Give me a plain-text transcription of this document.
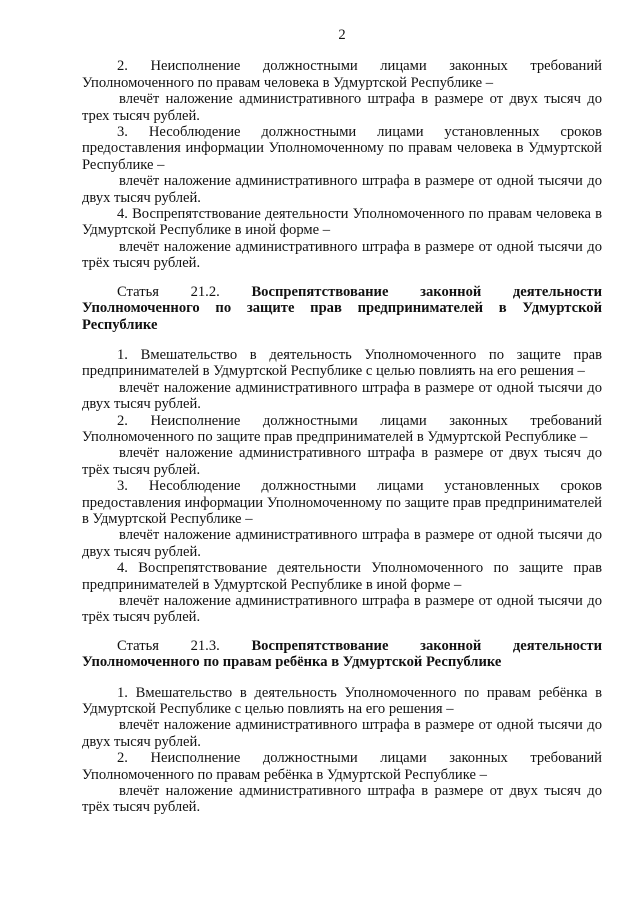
2

2. Неисполнение должностными лицами законных требований Уполномоченного по правам человека в Удмуртской Республике –

влечёт наложение административного штрафа в размере от двух тысяч до трех тысяч рублей.

3. Несоблюдение должностными лицами установленных сроков предоставления информации Уполномоченному по правам человека в Удмуртской Республике –

влечёт наложение административного штрафа в размере от одной тысячи до двух тысяч рублей.

4. Воспрепятствование деятельности Уполномоченного по правам человека в Удмуртской Республике в иной форме –

влечёт наложение административного штрафа в размере от одной тысячи до трёх тысяч рублей.

Статья 21.2. Воспрепятствование законной деятельности Уполномоченного по защите прав предпринимателей в Удмуртской Республике

1. Вмешательство в деятельность Уполномоченного по защите прав предпринимателей в Удмуртской Республике с целью повлиять на его решения –

влечёт наложение административного штрафа в размере от одной тысячи до двух тысяч рублей.

2. Неисполнение должностными лицами законных требований Уполномоченного по защите прав предпринимателей в Удмуртской Республике –

влечёт наложение административного штрафа в размере от двух тысяч до трёх тысяч рублей.

3. Несоблюдение должностными лицами установленных сроков предоставления информации Уполномоченному по защите прав предпринимателей в Удмуртской Республике –

влечёт наложение административного штрафа в размере от одной тысячи до двух тысяч рублей.

4. Воспрепятствование деятельности Уполномоченного по защите прав предпринимателей в Удмуртской Республике в иной форме –

влечёт наложение административного штрафа в размере от одной тысячи до трёх тысяч рублей.

Статья 21.3. Воспрепятствование законной деятельности Уполномоченного по правам ребёнка в Удмуртской Республике

1. Вмешательство в деятельность Уполномоченного по правам ребёнка в Удмуртской Республике с целью повлиять на его решения –

влечёт наложение административного штрафа в размере от одной тысячи до двух тысяч рублей.

2. Неисполнение должностными лицами законных требований Уполномоченного по правам ребёнка в Удмуртской Республике –

влечёт наложение административного штрафа в размере от двух тысяч до трёх тысяч рублей.
